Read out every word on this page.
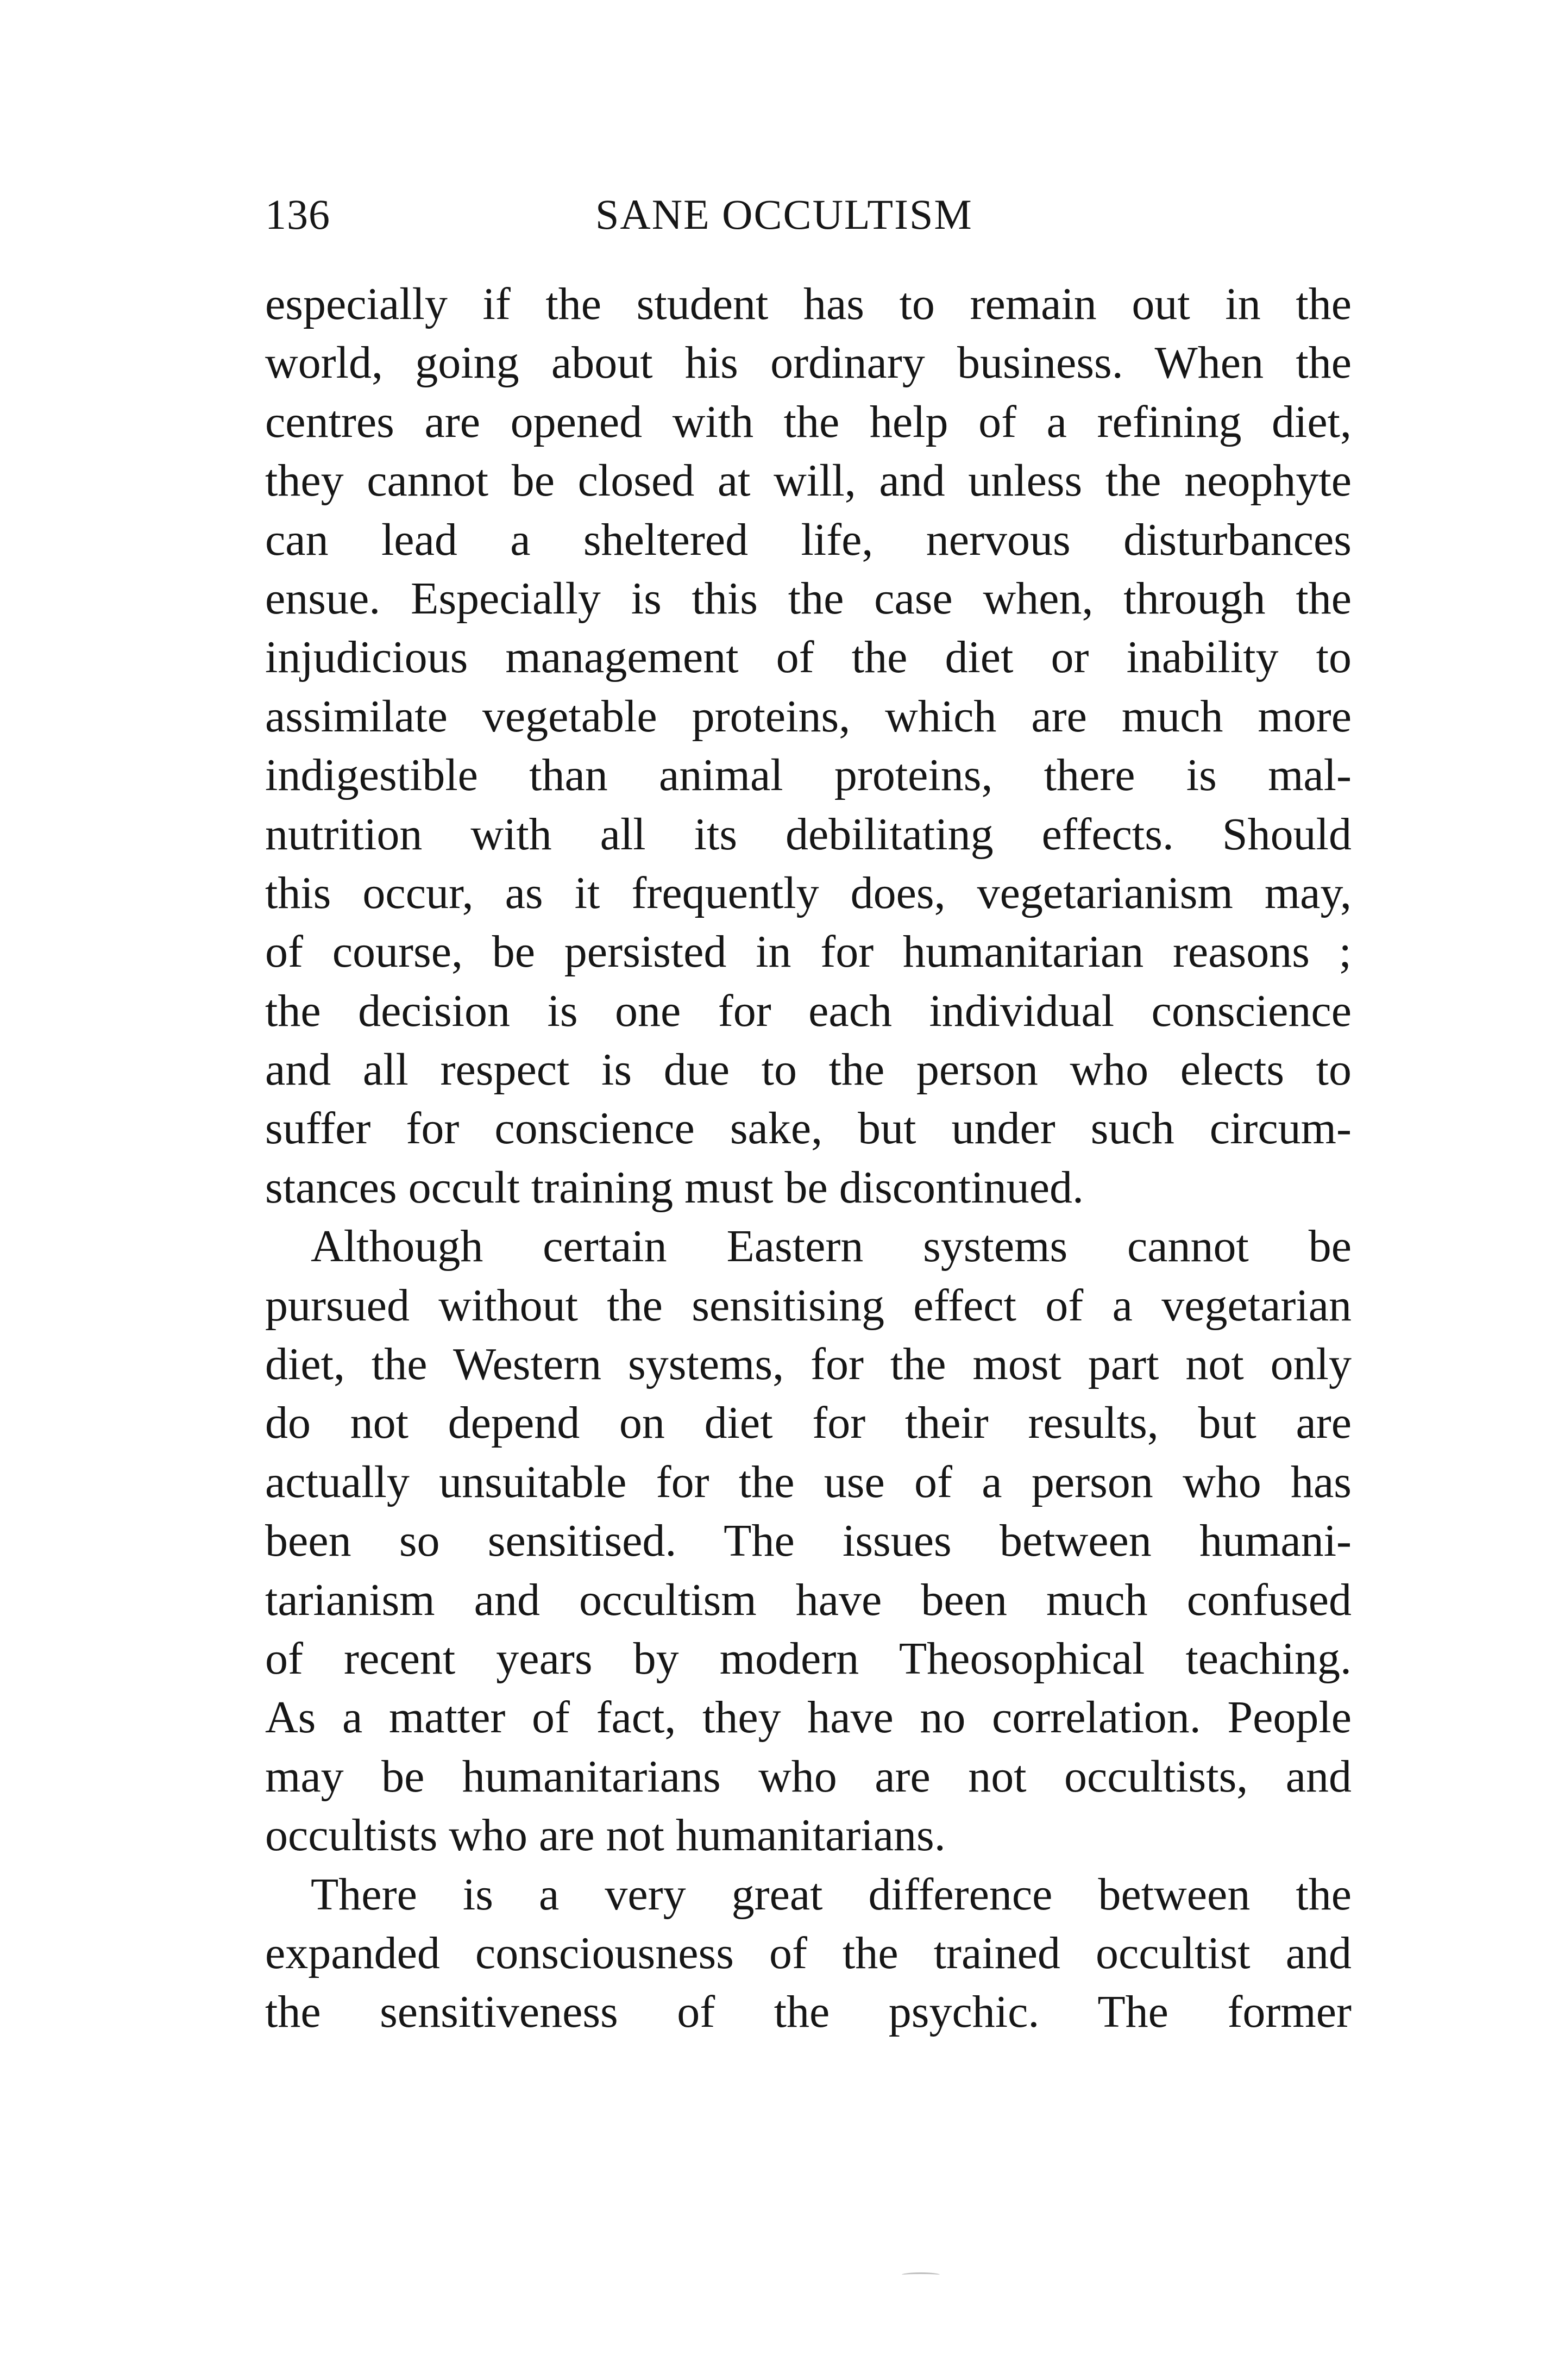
136	SANE OCCULTISM

especially if the student has to remain out in the
world, going about his ordinary business. When the
centres are opened with the help of a refining diet,
they cannot be closed at will, and unless the neophyte
can lead a sheltered life, nervous disturbances
ensue. Especially is this the case when, through the
injudicious management of the diet or inability to
assimilate vegetable proteins, which are much more
indigestible than animal proteins, there is mal-
nutrition with all its debilitating effects. Should
this occur, as it frequently does, vegetarianism may,
of course, be persisted in for humanitarian reasons ;
the decision is one for each individual conscience
and all respect is due to the person who elects to
suffer for conscience sake, but under such circum-
stances occult training must be discontinued.

Although certain Eastern systems cannot be
pursued without the sensitising effect of a vegetarian
diet, the Western systems, for the most part not only
do not depend on diet for their results, but are
actually unsuitable for the use of a person who has
been so sensitised. The issues between humani-
tarianism and occultism have been much confused
of recent years by modern Theosophical teaching.
As a matter of fact, they have no correlation. People
may be humanitarians who are not occultists, and
occultists who are not humanitarians.

There is a very great difference between the
expanded consciousness of the trained occultist and
the sensitiveness of the psychic. The former
